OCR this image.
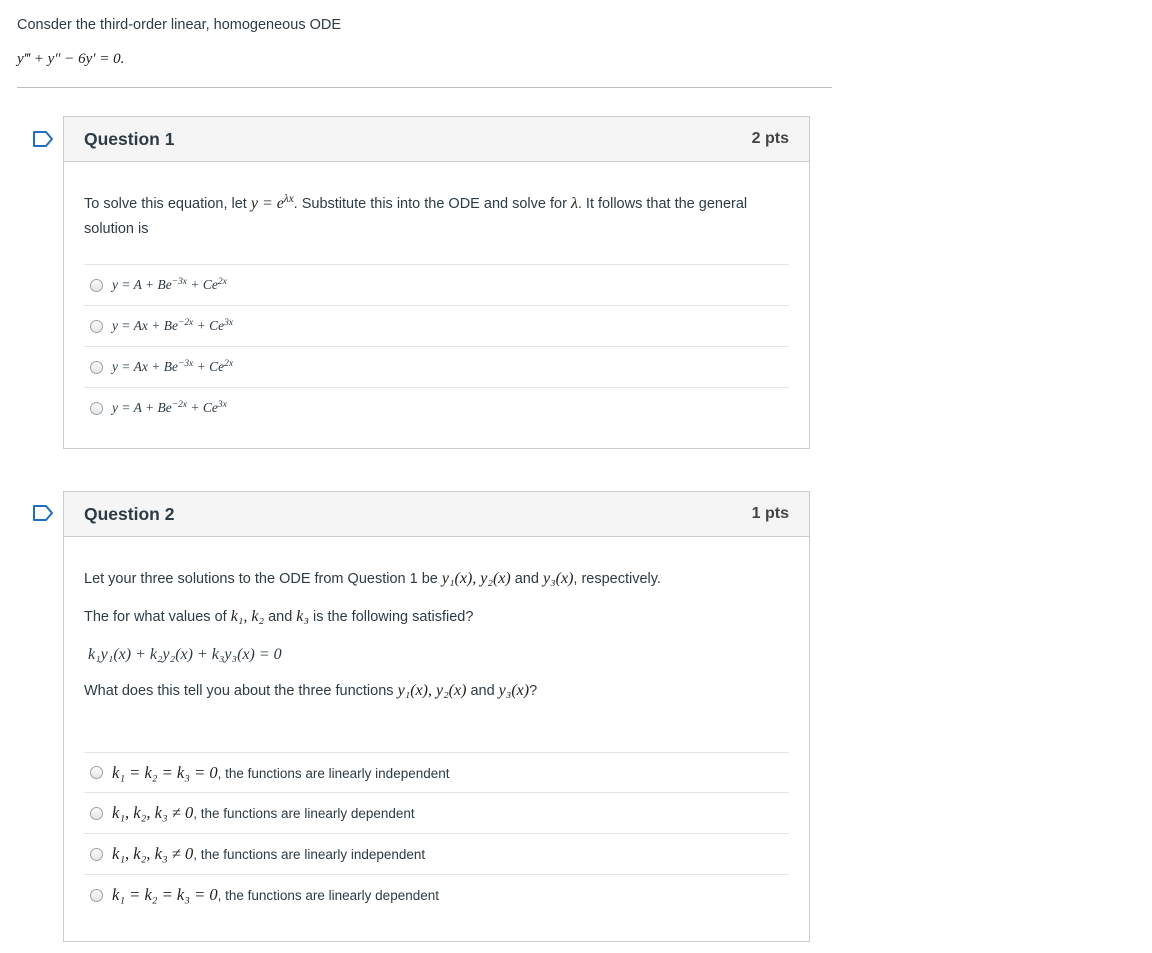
Consder the third-order linear, homogeneous ODE
y‴ + y″ − 6y′ = 0.
Question 1	2 pts
To solve this equation, let $y = e^{\lambda x}$. Substitute this into the ODE and solve for λ. It follows that the general solution is
$y = A + Be^{-3x} + Ce^{2x}$
$y = Ax + Be^{-2x} + Ce^{3x}$
$y = Ax + Be^{-3x} + Ce^{2x}$
$y = A + Be^{-2x} + Ce^{3x}$
Question 2	1 pts
Let your three solutions to the ODE from Question 1 be y₁(x), y₂(x) and y₃(x), respectively.
The for what values of k₁, k₂ and k₃ is the following satisfied?
k₁y₁(x) + k₂y₂(x) + k₃y₃(x) = 0
What does this tell you about the three functions y₁(x), y₂(x) and y₃(x)?
k₁ = k₂ = k₃ = 0, the functions are linearly independent
k₁, k₂, k₃ ≠ 0, the functions are linearly dependent
k₁, k₂, k₃ ≠ 0, the functions are linearly independent
k₁ = k₂ = k₃ = 0, the functions are linearly dependent
